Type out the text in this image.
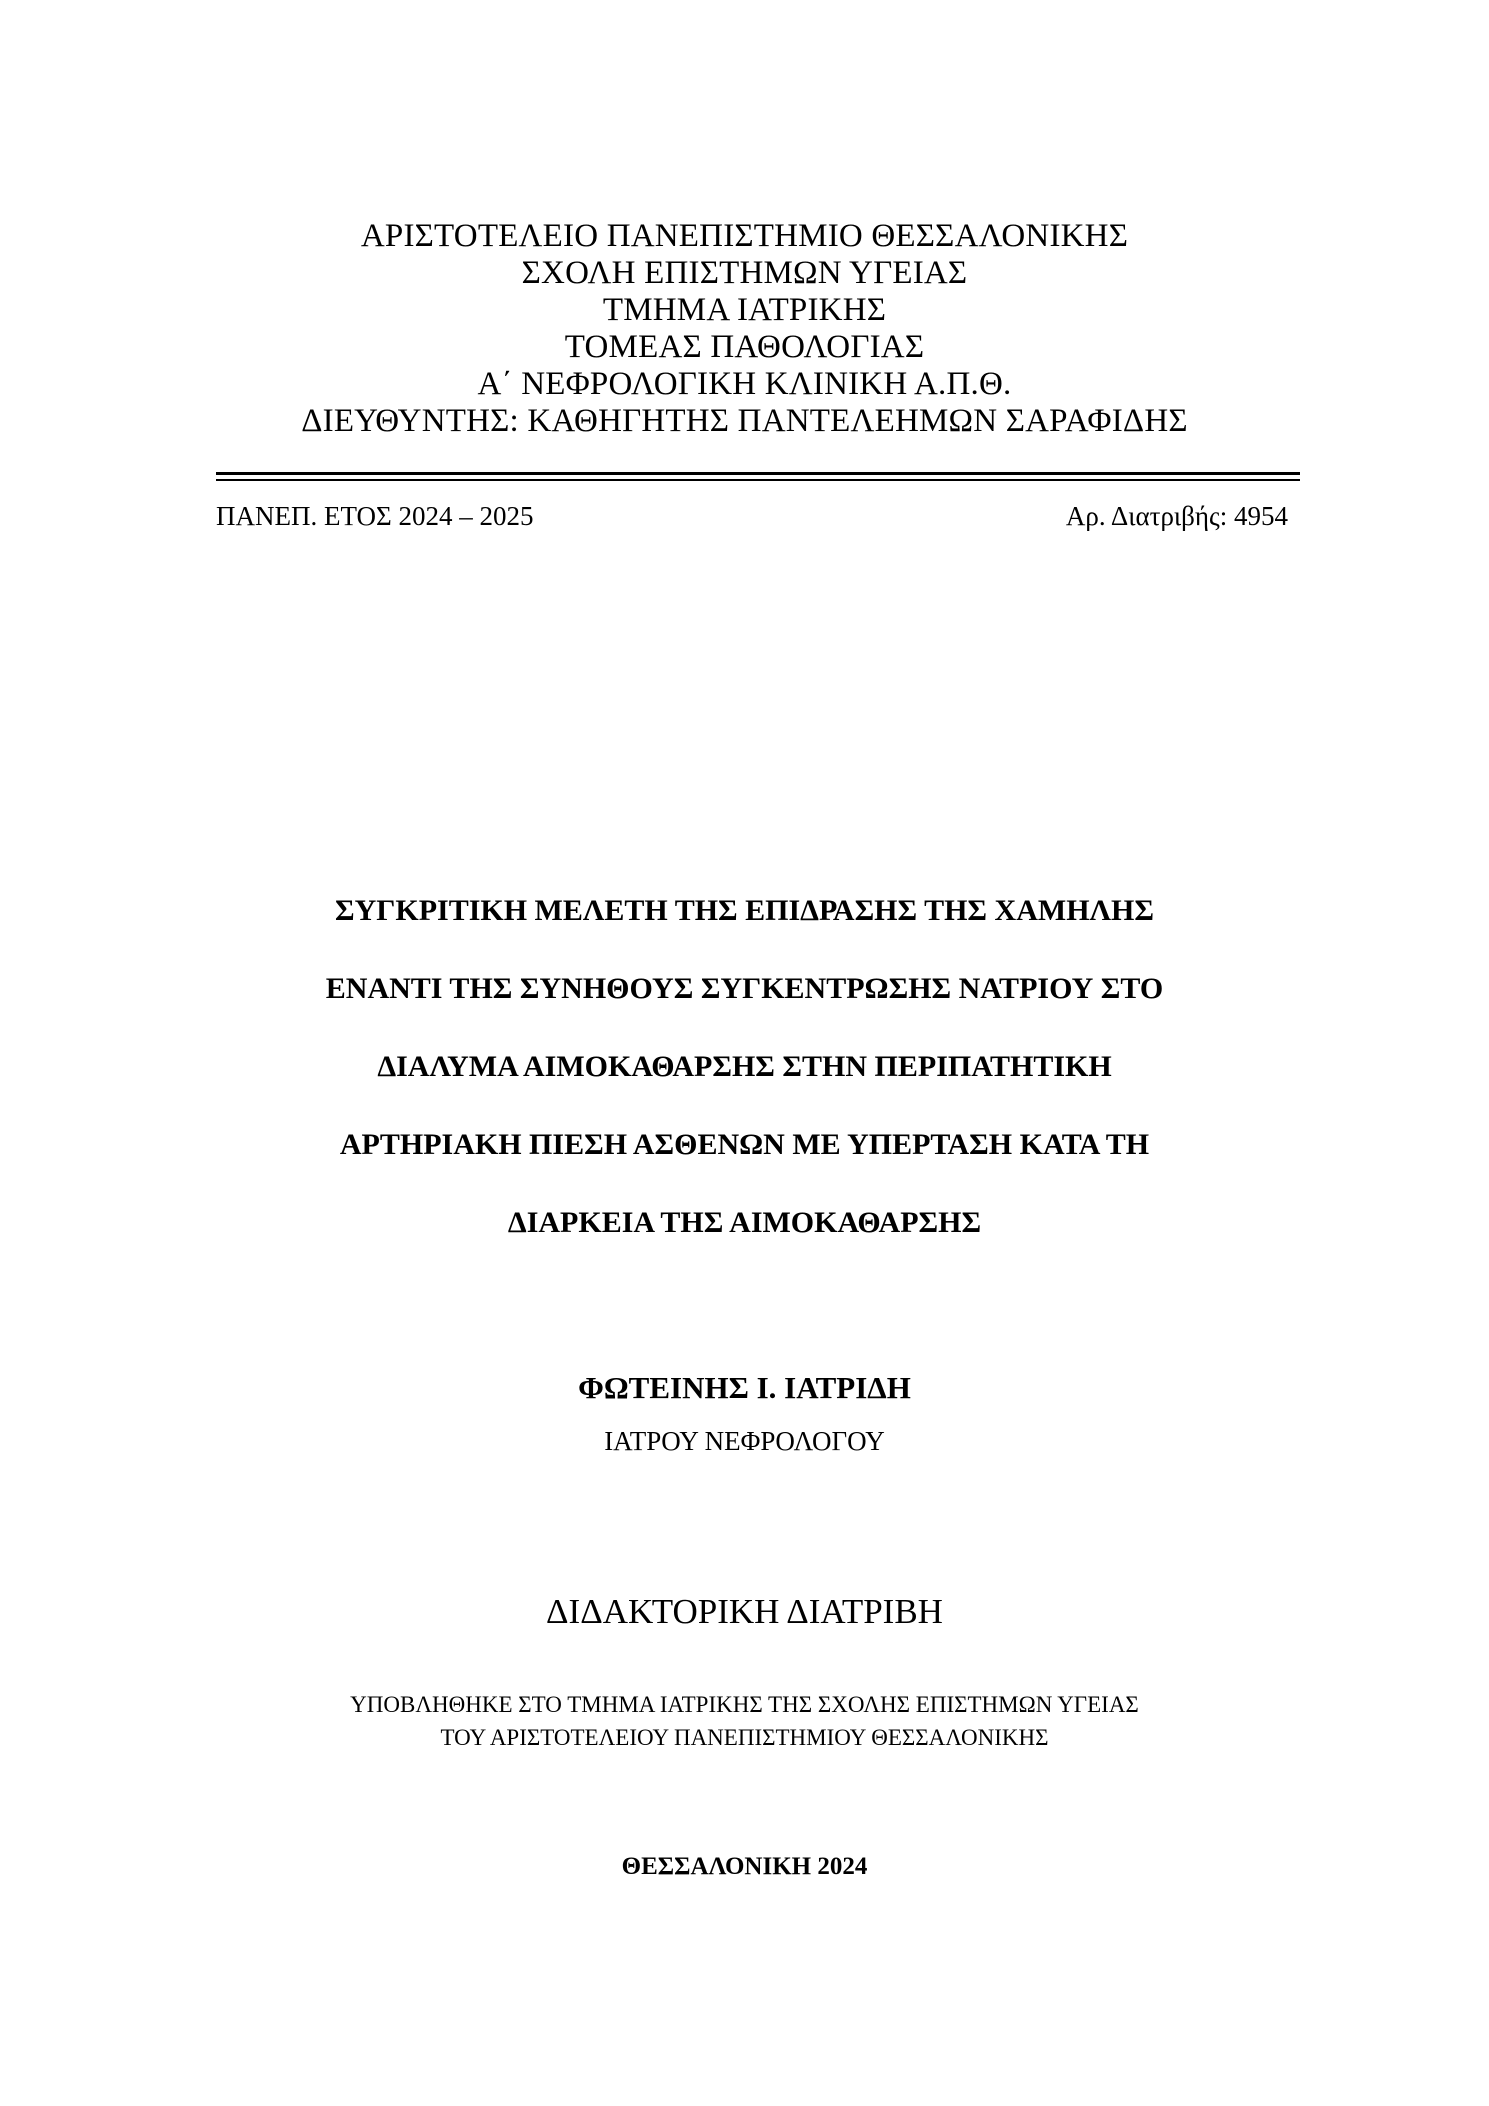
ΑΡΙΣΤΟΤΕΛΕΙΟ ΠΑΝΕΠΙΣΤΗΜΙΟ ΘΕΣΣΑΛΟΝΙΚΗΣ
ΣΧΟΛΗ ΕΠΙΣΤΗΜΩΝ ΥΓΕΙΑΣ
ΤΜΗΜΑ ΙΑΤΡΙΚΗΣ
ΤΟΜΕΑΣ ΠΑΘΟΛΟΓΙΑΣ
Α΄ ΝΕΦΡΟΛΟΓΙΚΗ ΚΛΙΝΙΚΗ Α.Π.Θ.
ΔΙΕΥΘΥΝΤΗΣ: ΚΑΘΗΓΗΤΗΣ ΠΑΝΤΕΛΕΗΜΩΝ ΣΑΡΑΦΙΔΗΣ
ΠΑΝΕΠ. ΕΤΟΣ 2024 – 2025	Αρ. Διατριβής: 4954
ΣΥΓΚΡΙΤΙΚΗ ΜΕΛΕΤΗ ΤΗΣ ΕΠΙΔΡΑΣΗΣ ΤΗΣ ΧΑΜΗΛΗΣ
ΕΝΑΝΤΙ ΤΗΣ ΣΥΝΗΘΟΥΣ ΣΥΓΚΕΝΤΡΩΣΗΣ ΝΑΤΡΙΟΥ ΣΤΟ
ΔΙΑΛΥΜΑ ΑΙΜΟΚΑΘΑΡΣΗΣ ΣΤΗΝ ΠΕΡΙΠΑΤΗΤΙΚΗ
ΑΡΤΗΡΙΑΚΗ ΠΙΕΣΗ ΑΣΘΕΝΩΝ ΜΕ ΥΠΕΡΤΑΣΗ ΚΑΤΑ ΤΗ
ΔΙΑΡΚΕΙΑ ΤΗΣ ΑΙΜΟΚΑΘΑΡΣΗΣ
ΦΩΤΕΙΝΗΣ Ι. ΙΑΤΡΙΔΗ
ΙΑΤΡΟΥ ΝΕΦΡΟΛΟΓΟΥ
ΔΙΔΑΚΤΟΡΙΚΗ ΔΙΑΤΡΙΒΗ
ΥΠΟΒΛΗΘΗΚΕ ΣΤΟ ΤΜΗΜΑ ΙΑΤΡΙΚΗΣ ΤΗΣ ΣΧΟΛΗΣ ΕΠΙΣΤΗΜΩΝ ΥΓΕΙΑΣ
ΤΟΥ ΑΡΙΣΤΟΤΕΛΕΙΟΥ ΠΑΝΕΠΙΣΤΗΜΙΟΥ ΘΕΣΣΑΛΟΝΙΚΗΣ
ΘΕΣΣΑΛΟΝΙΚΗ 2024
